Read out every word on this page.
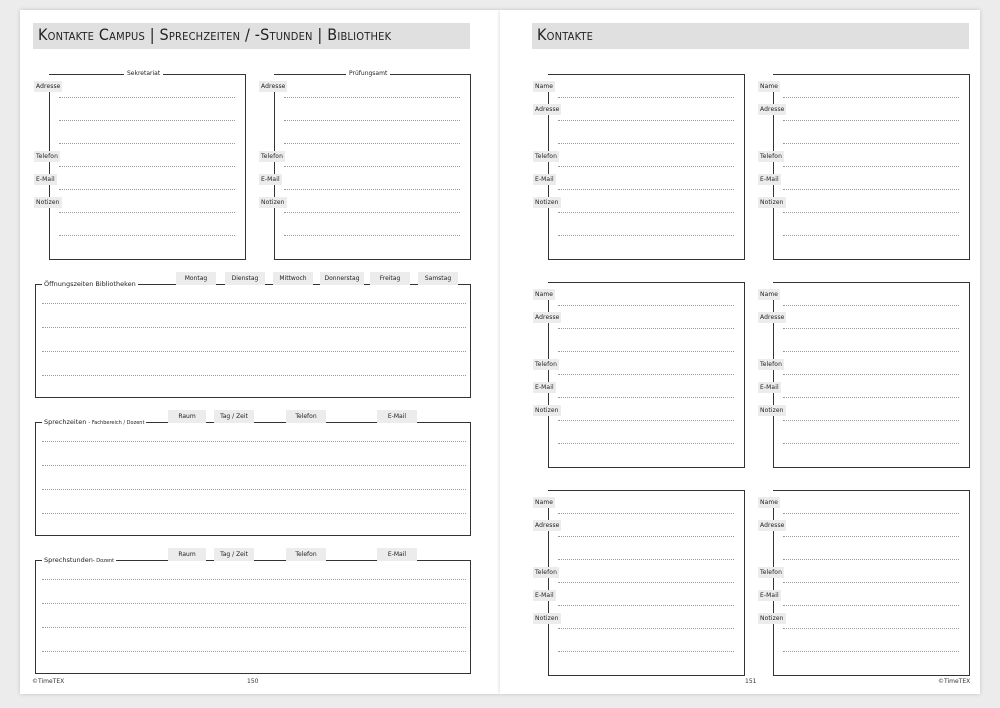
Kontakte Campus | Sprechzeiten / -Stunden | Bibliothek
Sekretariat
Adresse
Telefon
E-Mail
Notizen
Prüfungsamt
Adresse
Telefon
E-Mail
Notizen
Öffnungszeiten Bibliotheken
Montag	Dienstag	Mittwoch	Donnerstag	Freitag	Samstag
Sprechzeiten - Fachbereich / Dozent
Raum	Tag / Zeit	Telefon	E-Mail
Sprechstunden- Dozent
Raum	Tag / Zeit	Telefon	E-Mail
©TimeTEX	150
Kontakte
Name
Adresse
Telefon
E-Mail
Notizen
Name
Adresse
Telefon
E-Mail
Notizen
Name
Adresse
Telefon
E-Mail
Notizen
Name
Adresse
Telefon
E-Mail
Notizen
Name
Adresse
Telefon
E-Mail
Notizen
Name
Adresse
Telefon
E-Mail
Notizen
151	©TimeTEX
